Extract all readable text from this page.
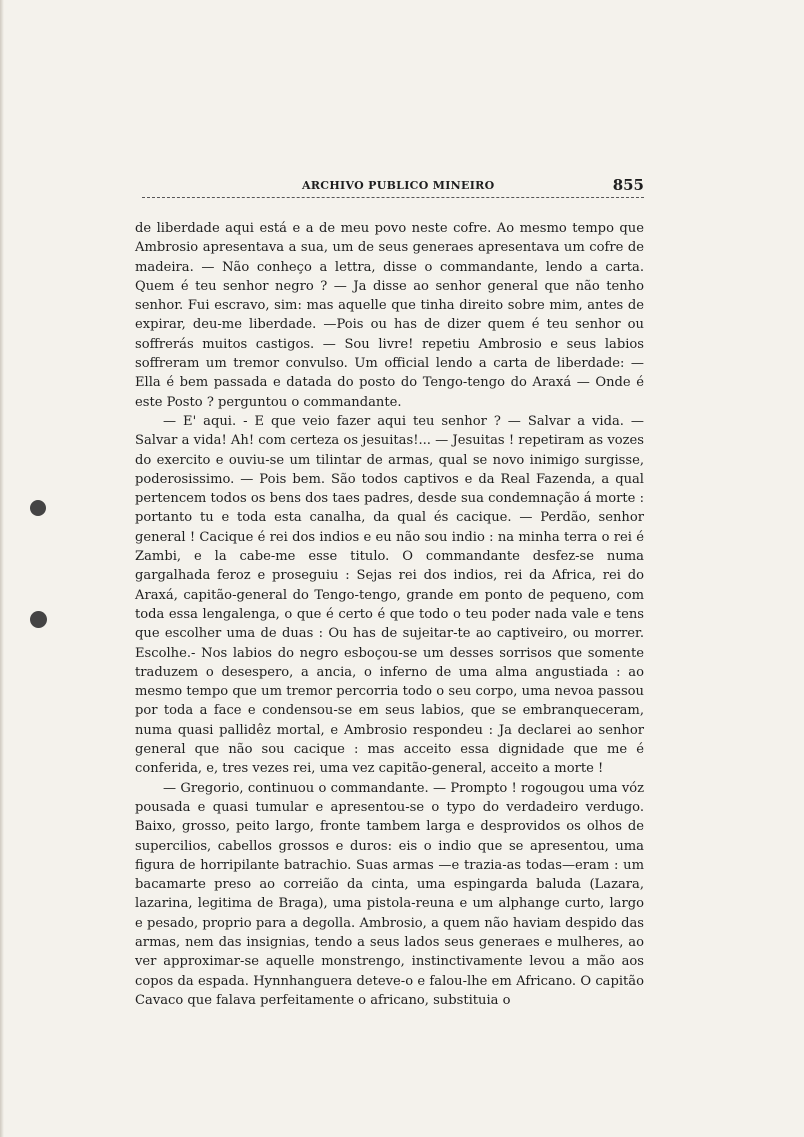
ARCHIVO PUBLICO MINEIRO	855

de liberdade aqui está e a de meu povo neste cofre. Ao mesmo tempo que Ambrosio apresentava a sua, um de seus generaes apresentava um cofre de madeira. — Não conheço a lettra, disse o commandante, lendo a carta. Quem é teu senhor negro ? — Ja disse ao senhor general que não tenho senhor. Fui escravo, sim: mas aquelle que tinha direito sobre mim, antes de expirar, deu-me liberdade. —Pois ou has de dizer quem é teu senhor ou soffrerás muitos castigos. — Sou livre! repetiu Ambrosio e seus labios soffreram um tremor convulso. Um official lendo a carta de liberdade: — Ella é bem passada e datada do posto do Tengo-tengo do Araxá — Onde é este Posto ? perguntou o commandante.

— E' aqui. - E que veio fazer aqui teu senhor ? — Salvar a vida. — Salvar a vida! Ah! com certeza os jesuitas!... — Jesuitas ! repetiram as vozes do exercito e ouviu-se um tilintar de armas, qual se novo inimigo surgisse, poderosissimo. — Pois bem. São todos captivos e da Real Fazenda, a qual pertencem todos os bens dos taes padres, desde sua condemnação á morte : portanto tu e toda esta canalha, da qual és cacique. — Perdão, senhor general ! Cacique é rei dos indios e eu não sou indio : na minha terra o rei é Zambi, e la cabe-me esse titulo. O commandante desfez-se numa gargalhada feroz e proseguiu : Sejas rei dos indios, rei da Africa, rei do Araxá, capitão-general do Tengo-tengo, grande em ponto de pequeno, com toda essa lengalenga, o que é certo é que todo o teu poder nada vale e tens que escolher uma de duas : Ou has de sujeitar-te ao captiveiro, ou morrer. Escolhe.- Nos labios do negro esboçou-se um desses sorrisos que somente traduzem o desespero, a ancia, o inferno de uma alma angustiada : ao mesmo tempo que um tremor percorria todo o seu corpo, uma nevoa passou por toda a face e condensou-se em seus labios, que se embranqueceram, numa quasi pallidêz mortal, e Ambrosio respondeu : Ja declarei ao senhor general que não sou cacique : mas acceito essa dignidade que me é conferida, e, tres vezes rei, uma vez capitão-general, acceito a morte !

— Gregorio, continuou o commandante. — Prompto ! rogougou uma vóz pousada e quasi tumular e apresentou-se o typo do verdadeiro verdugo. Baixo, grosso, peito largo, fronte tambem larga e desprovidos os olhos de supercilios, cabellos grossos e duros: eis o indio que se apresentou, uma figura de horripilante batrachio. Suas armas —e trazia-as todas—eram : um bacamarte preso ao correião da cinta, uma espingarda baluda (Lazara, lazarina, legitima de Braga), uma pistola-reuna e um alphange curto, largo e pesado, proprio para a degolla. Ambrosio, a quem não haviam despido das armas, nem das insignias, tendo a seus lados seus generaes e mulheres, ao ver approximar-se aquelle monstrengo, instinctivamente levou a mão aos copos da espada. Hynnhanguera deteve-o e falou-lhe em Africano. O capitão Cavaco que falava perfeitamente o africano, substituia o
